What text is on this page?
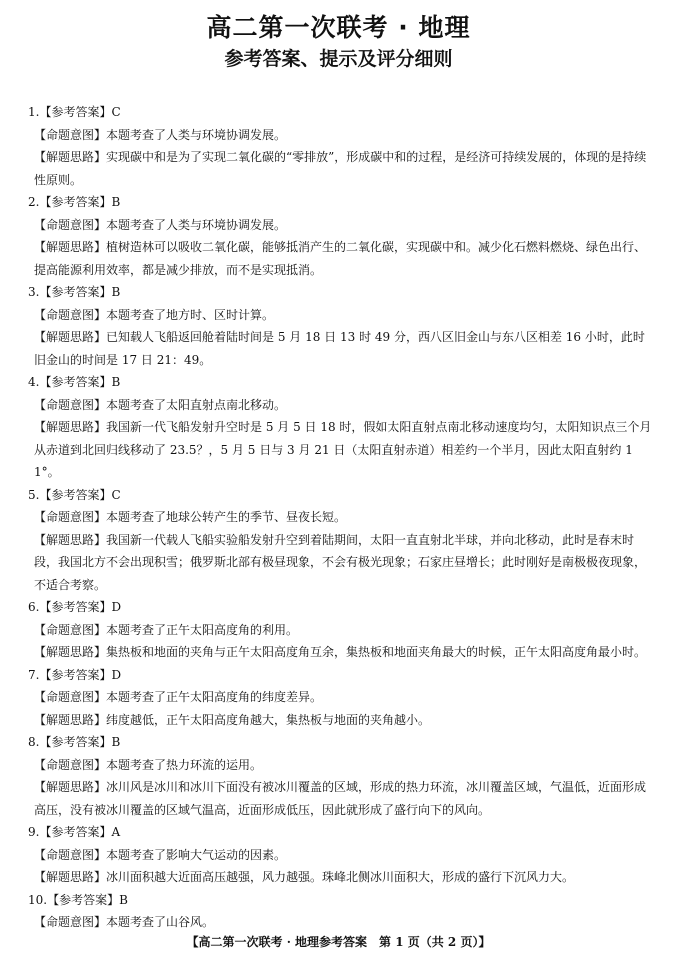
高二第一次联考 · 地理
参考答案、提示及评分细则
1.【参考答案】C
【命题意图】本题考查了人类与环境协调发展。
【解题思路】实现碳中和是为了实现二氧化碳的“零排放”，形成碳中和的过程，是经济可持续发展的，体现的是持续性原则。
2.【参考答案】B
【命题意图】本题考查了人类与环境协调发展。
【解题思路】植树造林可以吸收二氧化碳，能够抵消产生的二氧化碳，实现碳中和。减少化石燃料燃烧、绿色出行、提高能源利用效率，都是减少排放，而不是实现抵消。
3.【参考答案】B
【命题意图】本题考查了地方时、区时计算。
【解题思路】已知载人飞船返回舱着陆时间是 5 月 18 日 13 时 49 分，西八区旧金山与东八区相差 16 小时，此时旧金山的时间是 17 日 21：49。
4.【参考答案】B
【命题意图】本题考查了太阳直射点南北移动。
【解题思路】我国新一代飞船发射升空时是 5 月 5 日 18 时，假如太阳直射点南北移动速度均匀，太阳知识点三个月从赤道到北回归线移动了 23.5？，5 月 5 日与 3 月 21 日（太阳直射赤道）相差约一个半月，因此太阳直射约 11°。
5.【参考答案】C
【命题意图】本题考查了地球公转产生的季节、昼夜长短。
【解题思路】我国新一代载人飞船实验船发射升空到着陆期间，太阳一直直射北半球，并向北移动，此时是春末时段，我国北方不会出现积雪；俄罗斯北部有极昼现象，不会有极光现象；石家庄昼增长；此时刚好是南极极夜现象，不适合考察。
6.【参考答案】D
【命题意图】本题考查了正午太阳高度角的利用。
【解题思路】集热板和地面的夹角与正午太阳高度角互余，集热板和地面夹角最大的时候，正午太阳高度角最小时。
7.【参考答案】D
【命题意图】本题考查了正午太阳高度角的纬度差异。
【解题思路】纬度越低，正午太阳高度角越大，集热板与地面的夹角越小。
8.【参考答案】B
【命题意图】本题考查了热力环流的运用。
【解题思路】冰川风是冰川和冰川下面没有被冰川覆盖的区域，形成的热力环流，冰川覆盖区域，气温低，近面形成高压，没有被冰川覆盖的区域气温高，近面形成低压，因此就形成了盛行向下的风向。
9.【参考答案】A
【命题意图】本题考查了影响大气运动的因素。
【解题思路】冰川面积越大近面高压越强，风力越强。珠峰北侧冰川面积大，形成的盛行下沉风力大。
10.【参考答案】B
【命题意图】本题考查了山谷风。
【高二第一次联考 · 地理参考答案　第 1 页（共 2 页）】
